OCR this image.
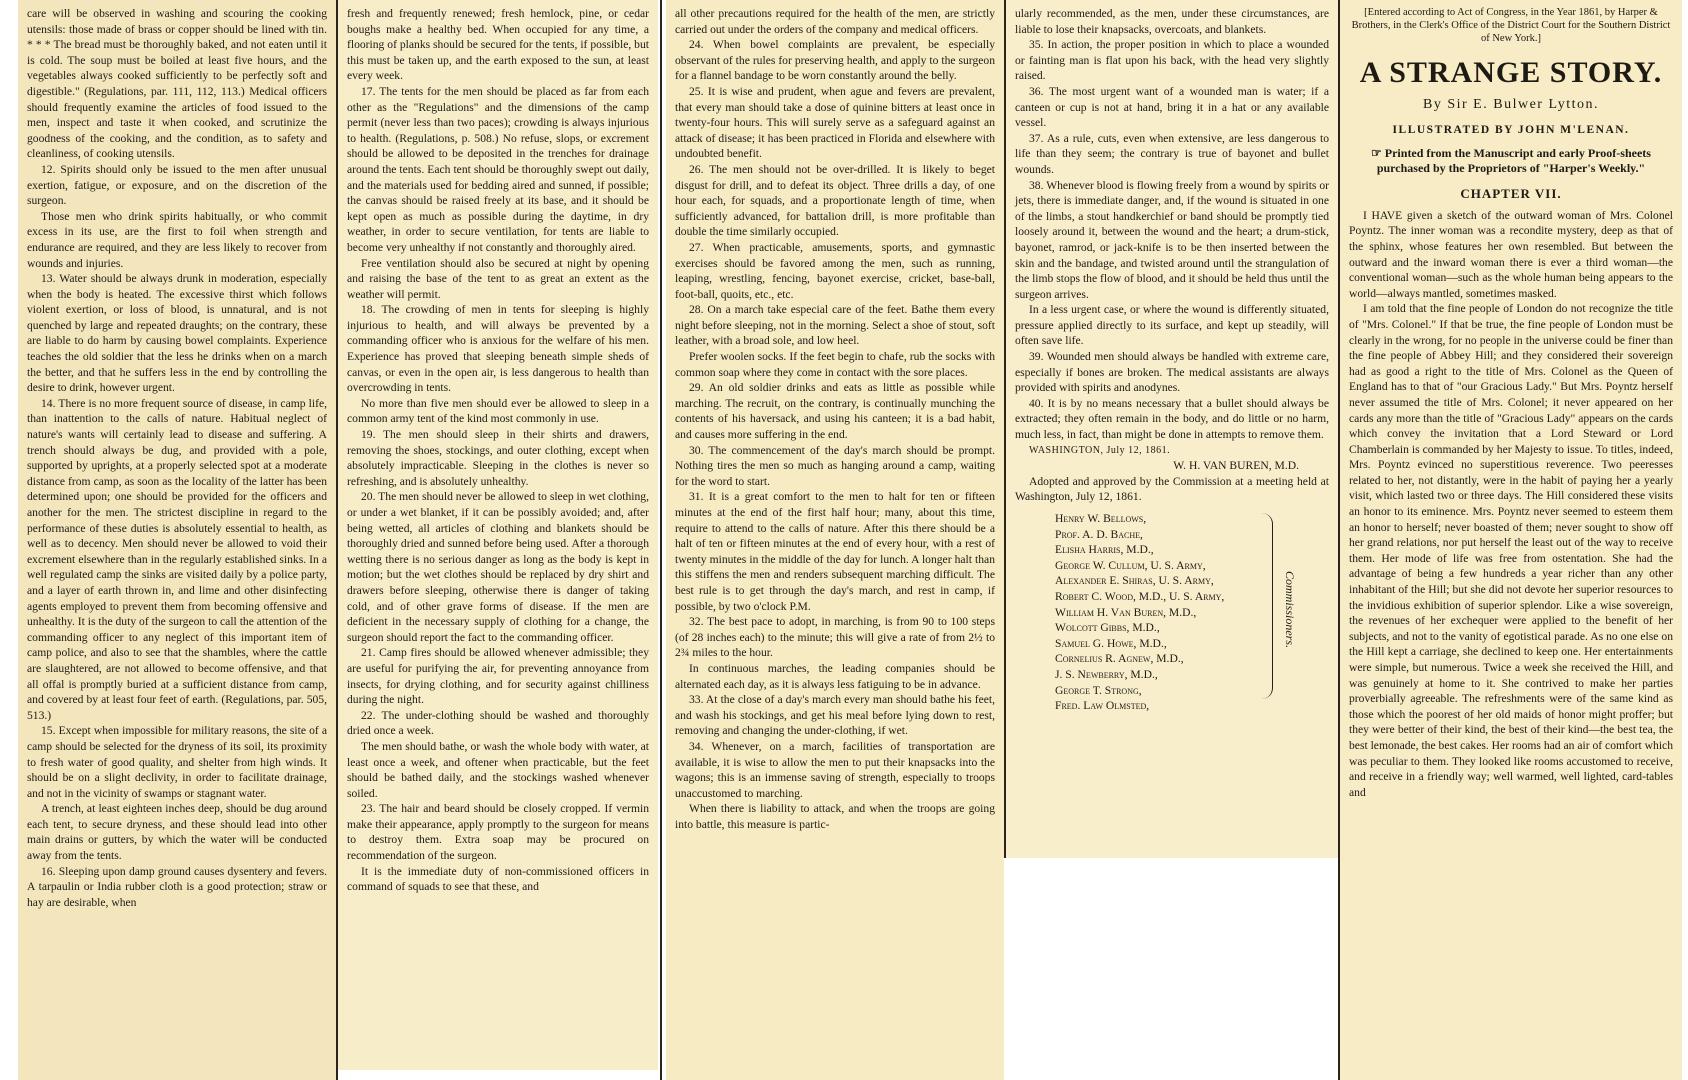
care will be observed in washing and scouring the cooking utensils: those made of brass or copper should be lined with tin. * * * The bread must be thoroughly baked, and not eaten until it is cold. The soup must be boiled at least five hours, and the vegetables always cooked sufficiently to be perfectly soft and digestible." (Regulations, par. 111, 112, 113.) Medical officers should frequently examine the articles of food issued to the men, inspect and taste it when cooked, and scrutinize the goodness of the cooking, and the condition, as to safety and cleanliness, of cooking utensils.

12. Spirits should only be issued to the men after unusual exertion, fatigue, or exposure, and on the discretion of the surgeon.

Those men who drink spirits habitually, or who commit excess in its use, are the first to foil when strength and endurance are required, and they are less likely to recover from wounds and injuries.

13. Water should be always drunk in moderation, especially when the body is heated. The excessive thirst which follows violent exertion, or loss of blood, is unnatural, and is not quenched by large and repeated draughts; on the contrary, these are liable to do harm by causing bowel complaints. Experience teaches the old soldier that the less he drinks when on a march the better, and that he suffers less in the end by controlling the desire to drink, however urgent.

14. There is no more frequent source of disease, in camp life, than inattention to the calls of nature. Habitual neglect of nature's wants will certainly lead to disease and suffering. A trench should always be dug, and provided with a pole, supported by uprights, at a properly selected spot at a moderate distance from camp, as soon as the locality of the latter has been determined upon; one should be provided for the officers and another for the men. The strictest discipline in regard to the performance of these duties is absolutely essential to health, as well as to decency. Men should never be allowed to void their excrement elsewhere than in the regularly established sinks. In a well regulated camp the sinks are visited daily by a police party, and a layer of earth thrown in, and lime and other disinfecting agents employed to prevent them from becoming offensive and unhealthy. It is the duty of the surgeon to call the attention of the commanding officer to any neglect of this important item of camp police, and also to see that the shambles, where the cattle are slaughtered, are not allowed to become offensive, and that all offal is promptly buried at a sufficient distance from camp, and covered by at least four feet of earth. (Regulations, par. 505, 513.)

15. Except when impossible for military reasons, the site of a camp should be selected for the dryness of its soil, its proximity to fresh water of good quality, and shelter from high winds. It should be on a slight declivity, in order to facilitate drainage, and not in the vicinity of swamps or stagnant water.

A trench, at least eighteen inches deep, should be dug around each tent, to secure dryness, and these should lead into other main drains or gutters, by which the water will be conducted away from the tents.

16. Sleeping upon damp ground causes dysentery and fevers. A tarpaulin or India rubber cloth is a good protection; straw or hay are desirable, when

fresh and frequently renewed; fresh hemlock, pine, or cedar boughs make a healthy bed. When occupied for any time, a flooring of planks should be secured for the tents, if possible, but this must be taken up, and the earth exposed to the sun, at least every week.

17. The tents for the men should be placed as far from each other as the "Regulations" and the dimensions of the camp permit (never less than two paces); crowding is always injurious to health. (Regulations, p. 508.) No refuse, slops, or excrement should be allowed to be deposited in the trenches for drainage around the tents. Each tent should be thoroughly swept out daily, and the materials used for bedding aired and sunned, if possible; the canvas should be raised freely at its base, and it should be kept open as much as possible during the daytime, in dry weather, in order to secure ventilation, for tents are liable to become very unhealthy if not constantly and thoroughly aired.

Free ventilation should also be secured at night by opening and raising the base of the tent to as great an extent as the weather will permit.

18. The crowding of men in tents for sleeping is highly injurious to health, and will always be prevented by a commanding officer who is anxious for the welfare of his men. Experience has proved that sleeping beneath simple sheds of canvas, or even in the open air, is less dangerous to health than overcrowding in tents.

No more than five men should ever be allowed to sleep in a common army tent of the kind most commonly in use.

19. The men should sleep in their shirts and drawers, removing the shoes, stockings, and outer clothing, except when absolutely impracticable. Sleeping in the clothes is never so refreshing, and is absolutely unhealthy.

20. The men should never be allowed to sleep in wet clothing, or under a wet blanket, if it can be possibly avoided; and, after being wetted, all articles of clothing and blankets should be thoroughly dried and sunned before being used. After a thorough wetting there is no serious danger as long as the body is kept in motion; but the wet clothes should be replaced by dry shirt and drawers before sleeping, otherwise there is danger of taking cold, and of other grave forms of disease. If the men are deficient in the necessary supply of clothing for a change, the surgeon should report the fact to the commanding officer.

21. Camp fires should be allowed whenever admissible; they are useful for purifying the air, for preventing annoyance from insects, for drying clothing, and for security against chilliness during the night.

22. The under-clothing should be washed and thoroughly dried once a week.

The men should bathe, or wash the whole body with water, at least once a week, and oftener when practicable, but the feet should be bathed daily, and the stockings washed whenever soiled.

23. The hair and beard should be closely cropped. If vermin make their appearance, apply promptly to the surgeon for means to destroy them. Extra soap may be procured on recommendation of the surgeon.

It is the immediate duty of non-commissioned officers in command of squads to see that these, and

all other precautions required for the health of the men, are strictly carried out under the orders of the company and medical officers.

24. When bowel complaints are prevalent, be especially observant of the rules for preserving health, and apply to the surgeon for a flannel bandage to be worn constantly around the belly.

25. It is wise and prudent, when ague and fevers are prevalent, that every man should take a dose of quinine bitters at least once in twenty-four hours. This will surely serve as a safeguard against an attack of disease; it has been practiced in Florida and elsewhere with undoubted benefit.

26. The men should not be over-drilled. It is likely to beget disgust for drill, and to defeat its object. Three drills a day, of one hour each, for squads, and a proportionate length of time, when sufficiently advanced, for battalion drill, is more profitable than double the time similarly occupied.

27. When practicable, amusements, sports, and gymnastic exercises should be favored among the men, such as running, leaping, wrestling, fencing, bayonet exercise, cricket, base-ball, foot-ball, quoits, etc., etc.

28. On a march take especial care of the feet. Bathe them every night before sleeping, not in the morning. Select a shoe of stout, soft leather, with a broad sole, and low heel.

Prefer woolen socks. If the feet begin to chafe, rub the socks with common soap where they come in contact with the sore places.

29. An old soldier drinks and eats as little as possible while marching. The recruit, on the contrary, is continually munching the contents of his haversack, and using his canteen; it is a bad habit, and causes more suffering in the end.

30. The commencement of the day's march should be prompt. Nothing tires the men so much as hanging around a camp, waiting for the word to start.

31. It is a great comfort to the men to halt for ten or fifteen minutes at the end of the first half hour; many, about this time, require to attend to the calls of nature. After this there should be a halt of ten or fifteen minutes at the end of every hour, with a rest of twenty minutes in the middle of the day for lunch. A longer halt than this stiffens the men and renders subsequent marching difficult. The best rule is to get through the day's march, and rest in camp, if possible, by two o'clock P.M.

32. The best pace to adopt, in marching, is from 90 to 100 steps (of 28 inches each) to the minute; this will give a rate of from 2½ to 2¾ miles to the hour.

In continuous marches, the leading companies should be alternated each day, as it is always less fatiguing to be in advance.

33. At the close of a day's march every man should bathe his feet, and wash his stockings, and get his meal before lying down to rest, removing and changing the under-clothing, if wet.

34. Whenever, on a march, facilities of transportation are available, it is wise to allow the men to put their knapsacks into the wagons; this is an immense saving of strength, especially to troops unaccustomed to marching.

When there is liability to attack, and when the troops are going into battle, this measure is partic-

ularly recommended, as the men, under these circumstances, are liable to lose their knapsacks, overcoats, and blankets.

35. In action, the proper position in which to place a wounded or fainting man is flat upon his back, with the head very slightly raised.

36. The most urgent want of a wounded man is water; if a canteen or cup is not at hand, bring it in a hat or any available vessel.

37. As a rule, cuts, even when extensive, are less dangerous to life than they seem; the contrary is true of bayonet and bullet wounds.

38. Whenever blood is flowing freely from a wound by spirits or jets, there is immediate danger, and, if the wound is situated in one of the limbs, a stout handkerchief or band should be promptly tied loosely around it, between the wound and the heart; a drum-stick, bayonet, ramrod, or jack-knife is to be then inserted between the skin and the bandage, and twisted around until the strangulation of the limb stops the flow of blood, and it should be held thus until the surgeon arrives.

In a less urgent case, or where the wound is differently situated, pressure applied directly to its surface, and kept up steadily, will often save life.

39. Wounded men should always be handled with extreme care, especially if bones are broken. The medical assistants are always provided with spirits and anodynes.

40. It is by no means necessary that a bullet should always be extracted; they often remain in the body, and do little or no harm, much less, in fact, than might be done in attempts to remove them.

WASHINGTON, July 12, 1861.

W. H. VAN BUREN, M.D.

Adopted and approved by the Commission at a meeting held at Washington, July 12, 1861.

Henry W. Bellows,
Prof. A. D. Bache,
Elisha Harris, M.D.,
George W. Cullum, U. S. Army,
Alexander E. Shiras, U. S. Army,
Robert C. Wood, M.D., U. S. Army,
William H. Van Buren, M.D.,
Wolcott Gibbs, M.D.,
Samuel G. Howe, M.D.,
Cornelius R. Agnew, M.D.,
J. S. Newberry, M.D.,
George T. Strong,
Fred. Law Olmsted,
Commissioners.

[Entered according to Act of Congress, in the Year 1861, by Harper & Brothers, in the Clerk's Office of the District Court for the Southern District of New York.]

A STRANGE STORY.
By Sir E. Bulwer Lytton.
ILLUSTRATED BY JOHN M'LENAN.
☞ Printed from the Manuscript and early Proof-sheets purchased by the Proprietors of "Harper's Weekly."
CHAPTER VII.

I HAVE given a sketch of the outward woman of Mrs. Colonel Poyntz. The inner woman was a recondite mystery, deep as that of the sphinx, whose features her own resembled. But between the outward and the inward woman there is ever a third woman—the conventional woman—such as the whole human being appears to the world—always mantled, sometimes masked.

I am told that the fine people of London do not recognize the title of "Mrs. Colonel." If that be true, the fine people of London must be clearly in the wrong, for no people in the universe could be finer than the fine people of Abbey Hill; and they considered their sovereign had as good a right to the title of Mrs. Colonel as the Queen of England has to that of "our Gracious Lady." But Mrs. Poyntz herself never assumed the title of Mrs. Colonel; it never appeared on her cards any more than the title of "Gracious Lady" appears on the cards which convey the invitation that a Lord Steward or Lord Chamberlain is commanded by her Majesty to issue. To titles, indeed, Mrs. Poyntz evinced no superstitious reverence. Two peeresses related to her, not distantly, were in the habit of paying her a yearly visit, which lasted two or three days. The Hill considered these visits an honor to its eminence. Mrs. Poyntz never seemed to esteem them an honor to herself; never boasted of them; never sought to show off her grand relations, nor put herself the least out of the way to receive them. Her mode of life was free from ostentation. She had the advantage of being a few hundreds a year richer than any other inhabitant of the Hill; but she did not devote her superior resources to the invidious exhibition of superior splendor. Like a wise sovereign, the revenues of her exchequer were applied to the benefit of her subjects, and not to the vanity of egotistical parade. As no one else on the Hill kept a carriage, she declined to keep one. Her entertainments were simple, but numerous. Twice a week she received the Hill, and was genuinely at home to it. She contrived to make her parties proverbially agreeable. The refreshments were of the same kind as those which the poorest of her old maids of honor might proffer; but they were better of their kind, the best of their kind—the best tea, the best lemonade, the best cakes. Her rooms had an air of comfort which was peculiar to them. They looked like rooms accustomed to receive, and receive in a friendly way; well warmed, well lighted, card-tables and
